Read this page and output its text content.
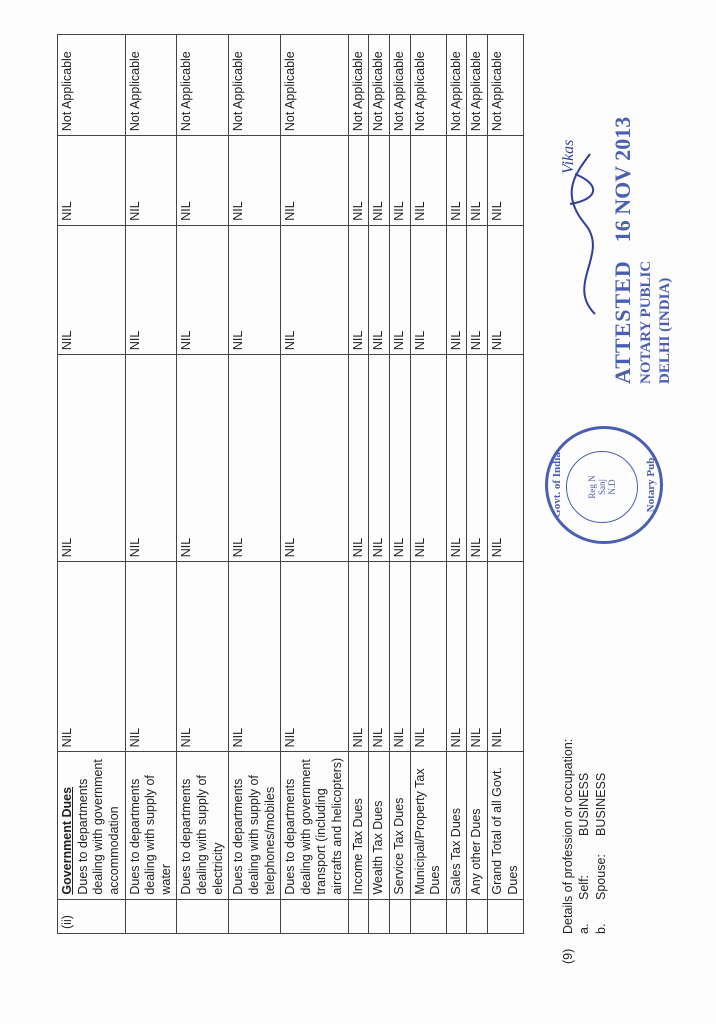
(ii)	Government Dues Dues to departments dealing with government accommodation	NIL	NIL	NIL	NIL	Not Applicable

	Dues to departments dealing with supply of water	NIL	NIL	NIL	NIL	Not Applicable

	Dues to departments dealing with supply of electricity	NIL	NIL	NIL	NIL	Not Applicable

	Dues to departments dealing with supply of telephones/mobiles	NIL	NIL	NIL	NIL	Not Applicable

	Dues to departments dealing with government transport (including aircrafts and helicopters)	NIL	NIL	NIL	NIL	Not Applicable

	Income Tax Dues	NIL	NIL	NIL	NIL	Not Applicable

	Wealth Tax Dues	NIL	NIL	NIL	NIL	Not Applicable

	Service Tax Dues	NIL	NIL	NIL	NIL	Not Applicable

	Municipal/Property Tax Dues	NIL	NIL	NIL	NIL	Not Applicable

	Sales Tax Dues	NIL	NIL	NIL	NIL	Not Applicable

	Any other Dues	NIL	NIL	NIL	NIL	Not Applicable

	Grand Total of all Govt. Dues	NIL	NIL	NIL	NIL	Not Applicable
(9)
Details of profession or occupation: a.
Self:
BUSINESS
b.
Spouse:
BUSINESS
Govt. of India	Reg N Sanj N.D	Notary Pub
Vikas
ATTESTED 16 NOV 2013
NOTARY PUBLIC DELHI (INDIA)
